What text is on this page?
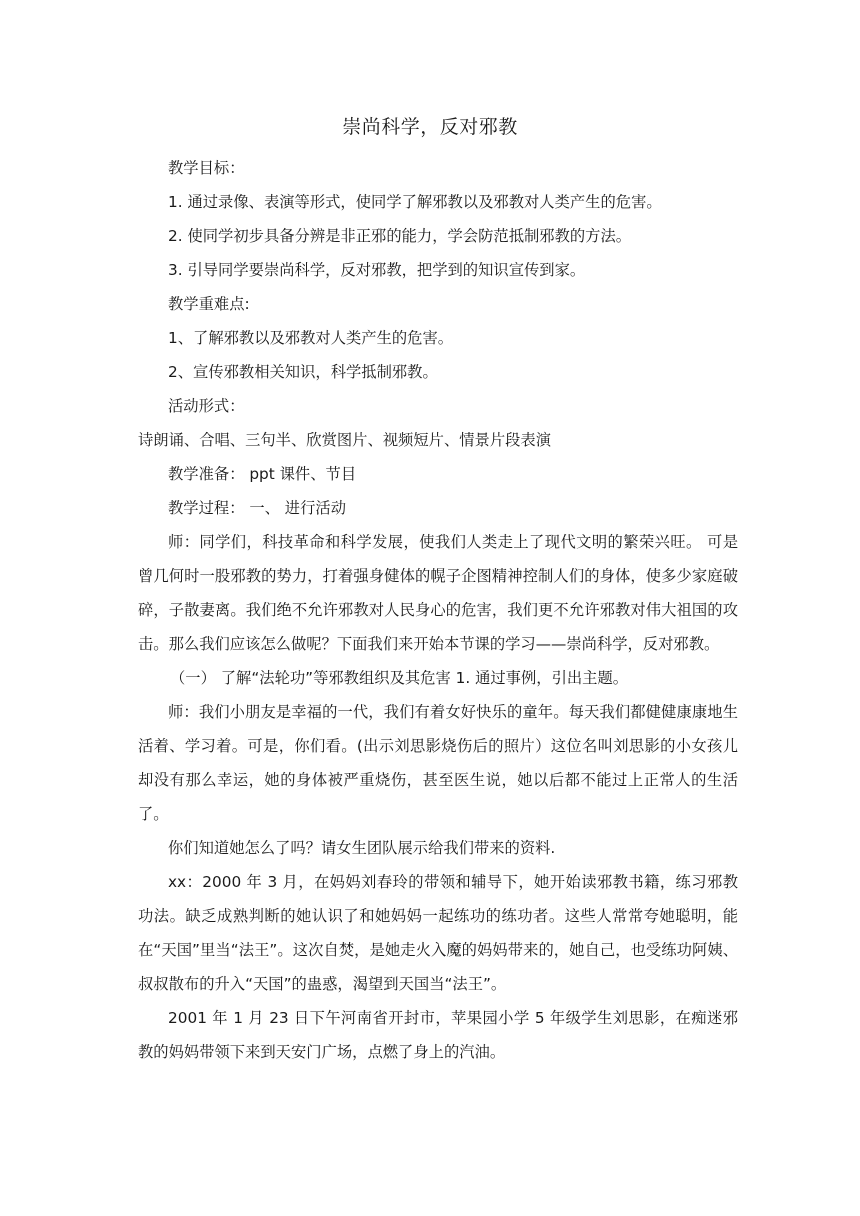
崇尚科学，反对邪教
教学目标：
1. 通过录像、表演等形式，使同学了解邪教以及邪教对人类产生的危害。
2. 使同学初步具备分辨是非正邪的能力，学会防范抵制邪教的方法。
3. 引导同学要崇尚科学，反对邪教，把学到的知识宣传到家。
教学重难点:
1、了解邪教以及邪教对人类产生的危害。
2、宣传邪教相关知识，科学抵制邪教。
活动形式：
诗朗诵、合唱、三句半、欣赏图片、视频短片、情景片段表演
教学准备： ppt 课件、节目
教学过程： 一、 进行活动
师：同学们，科技革命和科学发展，使我们人类走上了现代文明的繁荣兴旺。 可是曾几何时一股邪教的势力，打着强身健体的幌子企图精神控制人们的身体，使多少家庭破碎，子散妻离。我们绝不允许邪教对人民身心的危害，我们更不允许邪教对伟大祖国的攻击。那么我们应该怎么做呢？下面我们来开始本节课的学习——崇尚科学，反对邪教。
（一） 了解“法轮功”等邪教组织及其危害 1. 通过事例，引出主题。
师：我们小朋友是幸福的一代，我们有着女好快乐的童年。每天我们都健健康康地生活着、学习着。可是，你们看。(出示刘思影烧伤后的照片）这位名叫刘思影的小女孩儿却没有那么幸运，她的身体被严重烧伤，甚至医生说，她以后都不能过上正常人的生活了。
你们知道她怎么了吗？请女生团队展示给我们带来的资料.
xx：2000 年 3 月，在妈妈刘春玲的带领和辅导下，她开始读邪教书籍，练习邪教功法。缺乏成熟判断的她认识了和她妈妈一起练功的练功者。这些人常常夸她聪明，能在“天国”里当“法王”。这次自焚，是她走火入魔的妈妈带来的，她自己，也受练功阿姨、叔叔散布的升入“天国”的蛊惑，渴望到天国当“法王”。
2001 年 1 月 23 日下午河南省开封市，苹果园小学 5 年级学生刘思影，在痴迷邪教的妈妈带领下来到天安门广场，点燃了身上的汽油。
